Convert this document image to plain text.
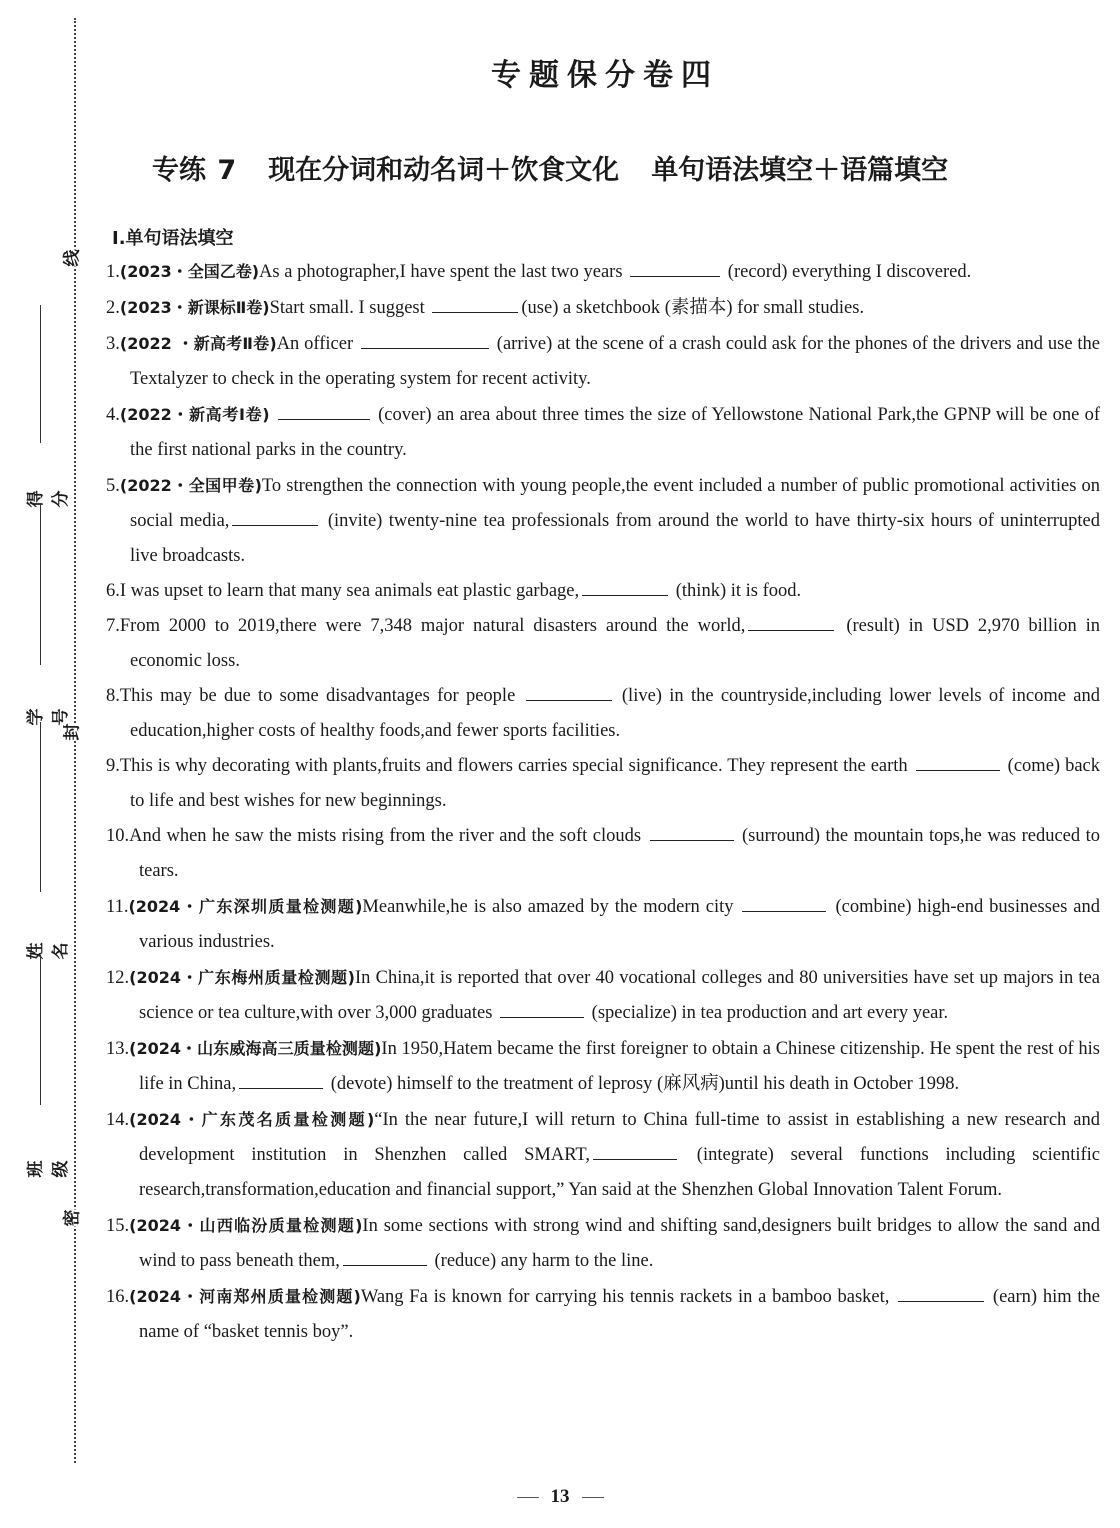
线
封
密
得分
学号
姓名
班级
专题保分卷四
专练 7 现在分词和动名词＋饮食文化 单句语法填空＋语篇填空
Ⅰ.单句语法填空

1.(2023・全国乙卷)As a photographer,I have spent the last two years	(record) everything I discovered.

2.(2023・新课标Ⅱ卷)Start small. I suggest	(use) a sketchbook (素描本) for small studies.

3.(2022 ・新高考Ⅱ卷)An officer	(arrive) at the scene of a crash could ask for the phones of the drivers and use the Textalyzer to check in the operating system for recent activity.

4.(2022・新高考Ⅰ卷)	(cover) an area about three times the size of Yellowstone National Park,the GPNP will be one of the first national parks in the country.

5.(2022・全国甲卷)To strengthen the connection with young people,the event included a number of public promotional activities on social media,	(invite) twenty-nine tea professionals from around the world to have thirty-six hours of uninterrupted live broadcasts.

6.I was upset to learn that many sea animals eat plastic garbage,	(think) it is food.

7.From 2000 to 2019,there were 7,348 major natural disasters around the world,	(result) in USD 2,970 billion in economic loss.

8.This may be due to some disadvantages for people	(live) in the countryside,including lower levels of income and education,higher costs of healthy foods,and fewer sports facilities.

9.This is why decorating with plants,fruits and flowers carries special significance. They represent the earth	(come) back to life and best wishes for new beginnings.

10.And when he saw the mists rising from the river and the soft clouds	(surround) the mountain tops,he was reduced to tears.

11.(2024・广东深圳质量检测题)Meanwhile,he is also amazed by the modern city	(combine) high-end businesses and various industries.

12.(2024・广东梅州质量检测题)In China,it is reported that over 40 vocational colleges and 80 universities have set up majors in tea science or tea culture,with over 3,000 graduates	(specialize) in tea production and art every year.

13.(2024・山东威海高三质量检测题)In 1950,Hatem became the first foreigner to obtain a Chinese citizenship. He spent the rest of his life in China,	(devote) himself to the treatment of leprosy (麻风病)until his death in October 1998.

14.(2024・广东茂名质量检测题)“In the near future,I will return to China full-time to assist in establishing a new research and development institution in Shenzhen called SMART,	(integrate) several functions including scientific research,transformation,education and financial support,” Yan said at the Shenzhen Global Innovation Talent Forum.

15.(2024・山西临汾质量检测题)In some sections with strong wind and shifting sand,designers built bridges to allow the sand and wind to pass beneath them,	(reduce) any harm to the line.

16.(2024・河南郑州质量检测题)Wang Fa is known for carrying his tennis rackets in a bamboo basket,	(earn) him the name of “basket tennis boy”.

13
